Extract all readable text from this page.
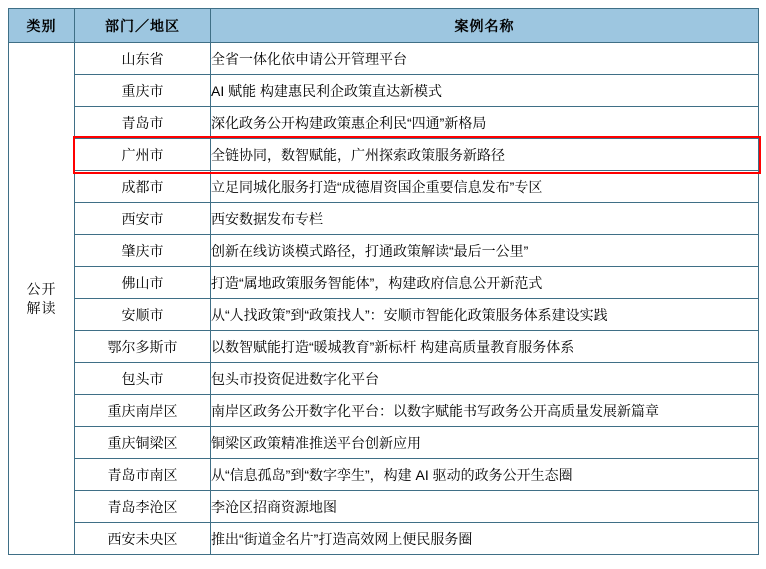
类别	部门／地区	案例名称

公开
解读	山东省	全省一体化依申请公开管理平台
	重庆市	AI 赋能 构建惠民利企政策直达新模式
	青岛市	深化政务公开构建政策惠企利民“四通”新格局
	广州市	全链协同，数智赋能，广州探索政策服务新路径
	成都市	立足同城化服务打造“成德眉资国企重要信息发布”专区
	西安市	西安数据发布专栏
	肇庆市	创新在线访谈模式路径，打通政策解读“最后一公里”
	佛山市	打造“属地政策服务智能体”，构建政府信息公开新范式
	安顺市	从“人找政策”到“政策找人”：安顺市智能化政策服务体系建设实践
	鄂尔多斯市	以数智赋能打造“暖城教育”新标杆 构建高质量教育服务体系
	包头市	包头市投资促进数字化平台
	重庆南岸区	南岸区政务公开数字化平台：以数字赋能书写政务公开高质量发展新篇章
	重庆铜梁区	铜梁区政策精准推送平台创新应用
	青岛市南区	从“信息孤岛”到“数字孪生”，构建 AI 驱动的政务公开生态圈
	青岛李沧区	李沧区招商资源地图
	西安未央区	推出“街道金名片”打造高效网上便民服务圈
